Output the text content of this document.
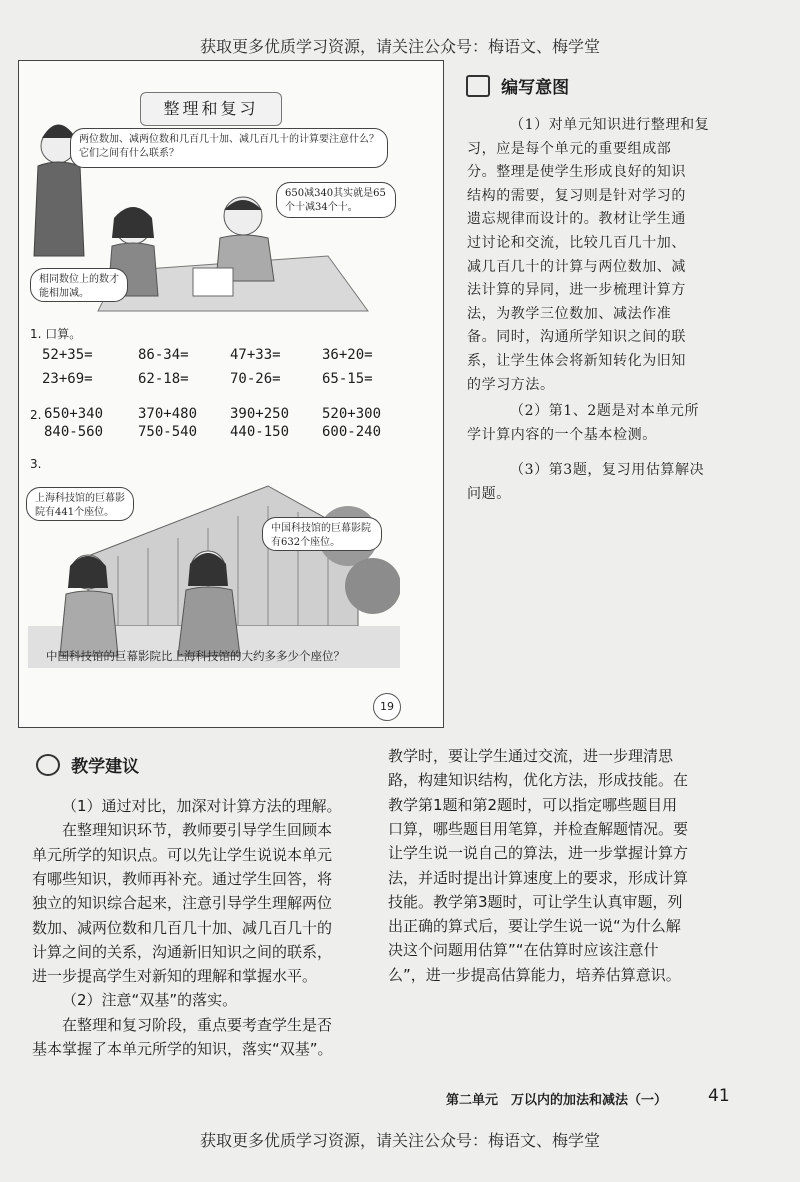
获取更多优质学习资源，请关注公众号：梅语文、梅学堂
整理和复习
两位数加、减两位数和几百几十加、减几百几十的计算要注意什么？它们之间有什么联系？
650减340其实就是65个十减34个十。
相同数位上的数才能相加减。
1. 口算。
52+35=	86-34=	47+33=	36+20=
23+69=	62-18=	70-26=	65-15=
2. 650+340 370+480 390+250 520+300
840-560 750-540 440-150 600-240
3.
上海科技馆的巨幕影院有441个座位。
中国科技馆的巨幕影院有632个座位。
中国科技馆的巨幕影院比上海科技馆的大约多多少个座位？
19
编写意图
（1）对单元知识进行整理和复
习，应是每个单元的重要组成部
分。整理是使学生形成良好的知识
结构的需要，复习则是针对学习的
遗忘规律而设计的。教材让学生通
过讨论和交流，比较几百几十加、
减几百几十的计算与两位数加、减
法计算的异同，进一步梳理计算方
法，为教学三位数加、减法作准
备。同时，沟通所学知识之间的联
系，让学生体会将新知转化为旧知
的学习方法。
（2）第1、2题是对本单元所
学计算内容的一个基本检测。
（3）第3题，复习用估算解决
问题。
教学建议
（1）通过对比，加深对计算方法的理解。
在整理知识环节，教师要引导学生回顾本
单元所学的知识点。可以先让学生说说本单元
有哪些知识，教师再补充。通过学生回答，将
独立的知识综合起来，注意引导学生理解两位
数加、减两位数和几百几十加、减几百几十的
计算之间的关系，沟通新旧知识之间的联系，
进一步提高学生对新知的理解和掌握水平。
（2）注意“双基”的落实。
在整理和复习阶段，重点要考查学生是否
基本掌握了本单元所学的知识，落实“双基”。
教学时，要让学生通过交流，进一步理清思
路，构建知识结构，优化方法，形成技能。在
教学第1题和第2题时，可以指定哪些题目用
口算，哪些题目用笔算，并检查解题情况。要
让学生说一说自己的算法，进一步掌握计算方
法，并适时提出计算速度上的要求，形成计算
技能。教学第3题时，可让学生认真审题，列
出正确的算式后，要让学生说一说“为什么解
决这个问题用估算”“在估算时应该注意什
么”，进一步提高估算能力，培养估算意识。
第二单元　万以内的加法和减法（一） 41
获取更多优质学习资源，请关注公众号：梅语文、梅学堂
